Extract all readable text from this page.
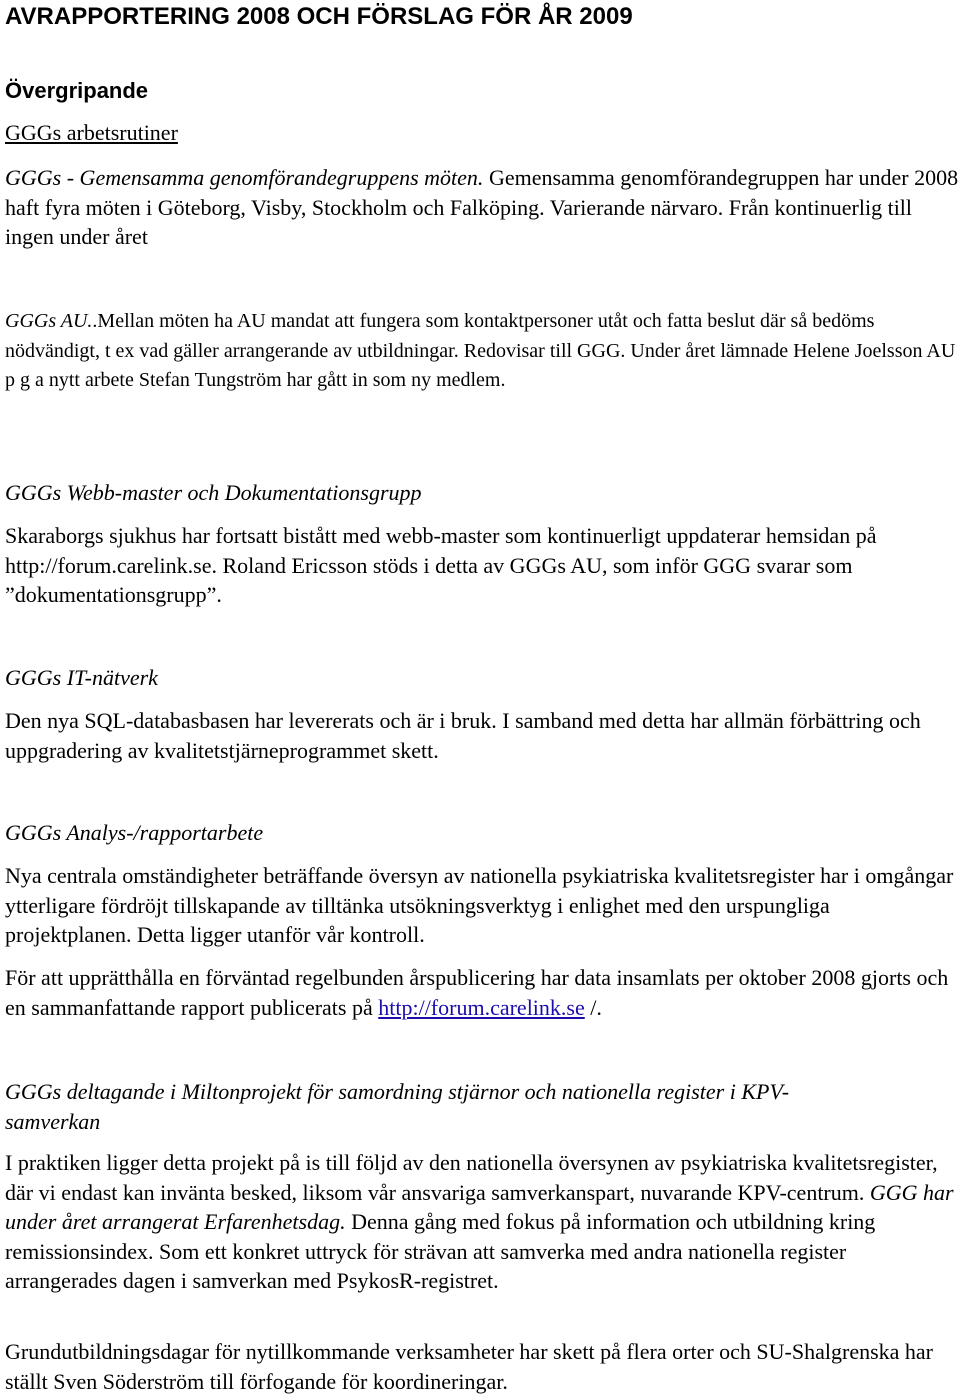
AVRAPPORTERING 2008 OCH FÖRSLAG FÖR ÅR 2009
Övergripande
GGGs arbetsrutiner
GGGs - Gemensamma genomförandegruppens möten. Gemensamma genomförandegruppen har under 2008 haft fyra möten i Göteborg, Visby, Stockholm och Falköping. Varierande närvaro. Från kontinuerlig till ingen under året
GGGs AU..Mellan möten ha AU mandat att fungera som kontaktpersoner utåt och fatta beslut där så bedöms nödvändigt, t ex vad gäller arrangerande av utbildningar. Redovisar till GGG. Under året lämnade Helene Joelsson AU p g a nytt arbete Stefan Tungström har gått in som ny medlem.
GGGs Webb-master och Dokumentationsgrupp
Skaraborgs sjukhus har fortsatt bistått med webb-master som kontinuerligt uppdaterar hemsidan på http://forum.carelink.se. Roland Ericsson stöds i detta av GGGs AU, som inför GGG svarar som ”dokumentationsgrupp”.
GGGs IT-nätverk
Den nya SQL-databasbasen har levererats och är i bruk. I samband med detta har allmän förbättring och uppgradering av kvalitetstjärneprogrammet skett.
GGGs Analys-/rapportarbete
Nya centrala omständigheter beträffande översyn av nationella psykiatriska kvalitetsregister har i omgångar ytterligare fördröjt tillskapande av tilltänka utsökningsverktyg i enlighet med den urspungliga projektplanen. Detta ligger utanför vår kontroll.
För att upprätthålla en förväntad regelbunden årspublicering har data insamlats per oktober 2008 gjorts och en sammanfattande rapport publicerats på http://forum.carelink.se /.
GGGs deltagande i Miltonprojekt för samordning stjärnor och nationella register i KPV-
samverkan
I praktiken ligger detta projekt på is till följd av den nationella översynen av psykiatriska kvalitetsregister, där vi endast kan invänta besked, liksom vår ansvariga samverkanspart, nuvarande KPV-centrum. GGG har under året arrangerat Erfarenhetsdag. Denna gång med fokus på information och utbildning kring remissionsindex. Som ett konkret uttryck för strävan att samverka med andra nationella register arrangerades dagen i samverkan med PsykosR-registret.
Grundutbildningsdagar för nytillkommande verksamheter har skett på flera orter och SU-Shalgrenska har ställt Sven Söderström till förfogande för koordineringar.
